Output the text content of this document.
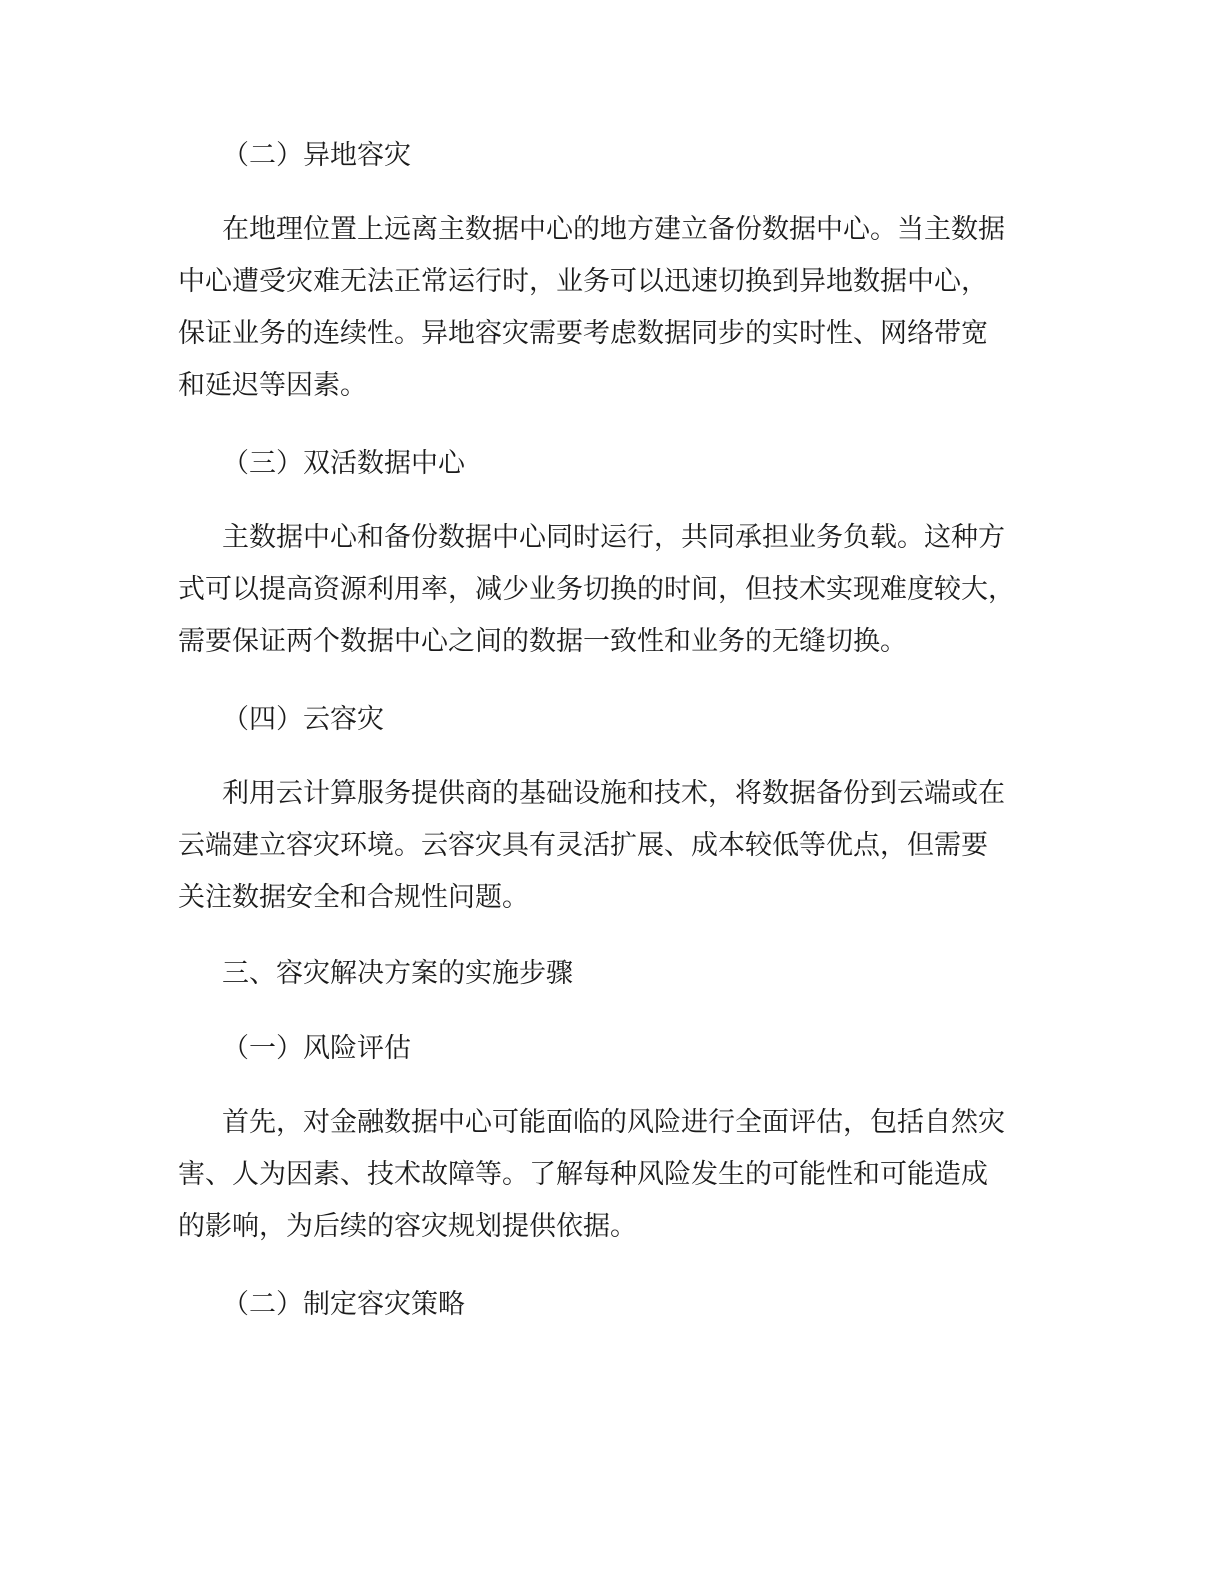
（二）异地容灾

在地理位置上远离主数据中心的地方建立备份数据中心。当主数据
中心遭受灾难无法正常运行时，业务可以迅速切换到异地数据中心，
保证业务的连续性。异地容灾需要考虑数据同步的实时性、网络带宽
和延迟等因素。

（三）双活数据中心

主数据中心和备份数据中心同时运行，共同承担业务负载。这种方
式可以提高资源利用率，减少业务切换的时间，但技术实现难度较大，
需要保证两个数据中心之间的数据一致性和业务的无缝切换。

（四）云容灾

利用云计算服务提供商的基础设施和技术，将数据备份到云端或在
云端建立容灾环境。云容灾具有灵活扩展、成本较低等优点，但需要
关注数据安全和合规性问题。

三、容灾解决方案的实施步骤
（一）风险评估

首先，对金融数据中心可能面临的风险进行全面评估，包括自然灾
害、人为因素、技术故障等。了解每种风险发生的可能性和可能造成
的影响，为后续的容灾规划提供依据。

（二）制定容灾策略
